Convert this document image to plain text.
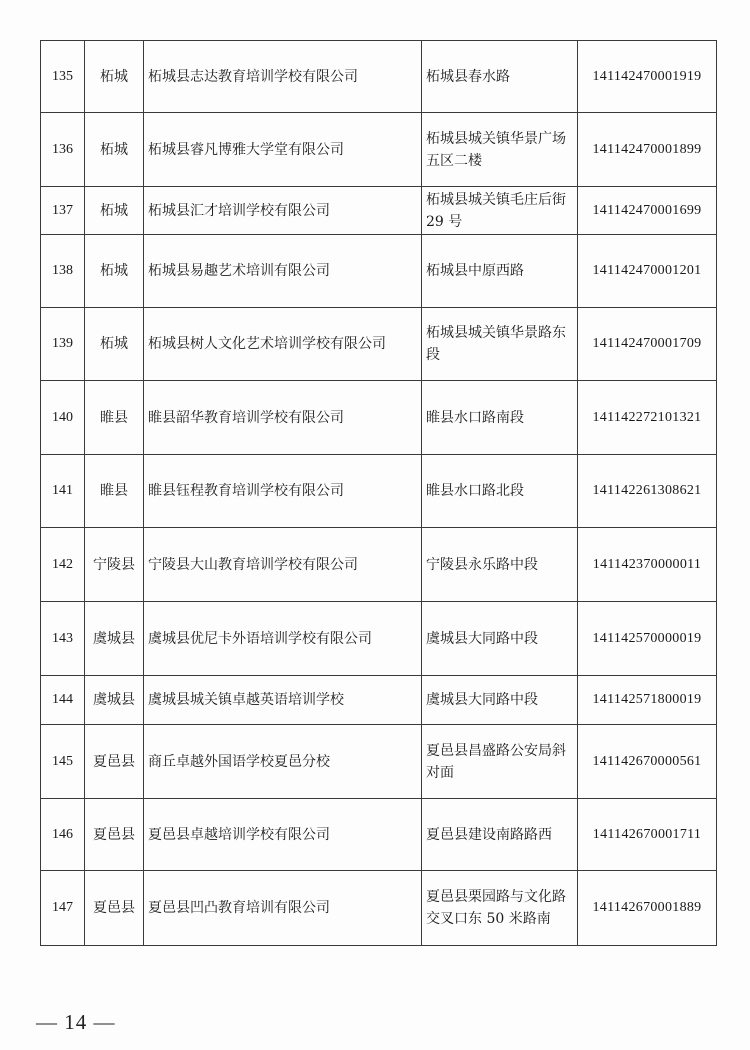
135	柘城	柘城县志达教育培训学校有限公司	柘城县春水路	141142470001919
136	柘城	柘城县睿凡博雅大学堂有限公司	柘城县城关镇华景广场五区二楼	141142470001899
137	柘城	柘城县汇才培训学校有限公司	柘城县城关镇毛庄后街 29 号	141142470001699
138	柘城	柘城县易趣艺术培训有限公司	柘城县中原西路	141142470001201
139	柘城	柘城县树人文化艺术培训学校有限公司	柘城县城关镇华景路东段	141142470001709
140	睢县	睢县韶华教育培训学校有限公司	睢县水口路南段	141142272101321
141	睢县	睢县钰程教育培训学校有限公司	睢县水口路北段	141142261308621
142	宁陵县	宁陵县大山教育培训学校有限公司	宁陵县永乐路中段	141142370000011
143	虞城县	虞城县优尼卡外语培训学校有限公司	虞城县大同路中段	141142570000019
144	虞城县	虞城县城关镇卓越英语培训学校	虞城县大同路中段	141142571800019
145	夏邑县	商丘卓越外国语学校夏邑分校	夏邑县昌盛路公安局斜对面	141142670000561
146	夏邑县	夏邑县卓越培训学校有限公司	夏邑县建设南路路西	141142670001711
147	夏邑县	夏邑县凹凸教育培训有限公司	夏邑县栗园路与文化路交叉口东 50 米路南	141142670001889
— 14 —
